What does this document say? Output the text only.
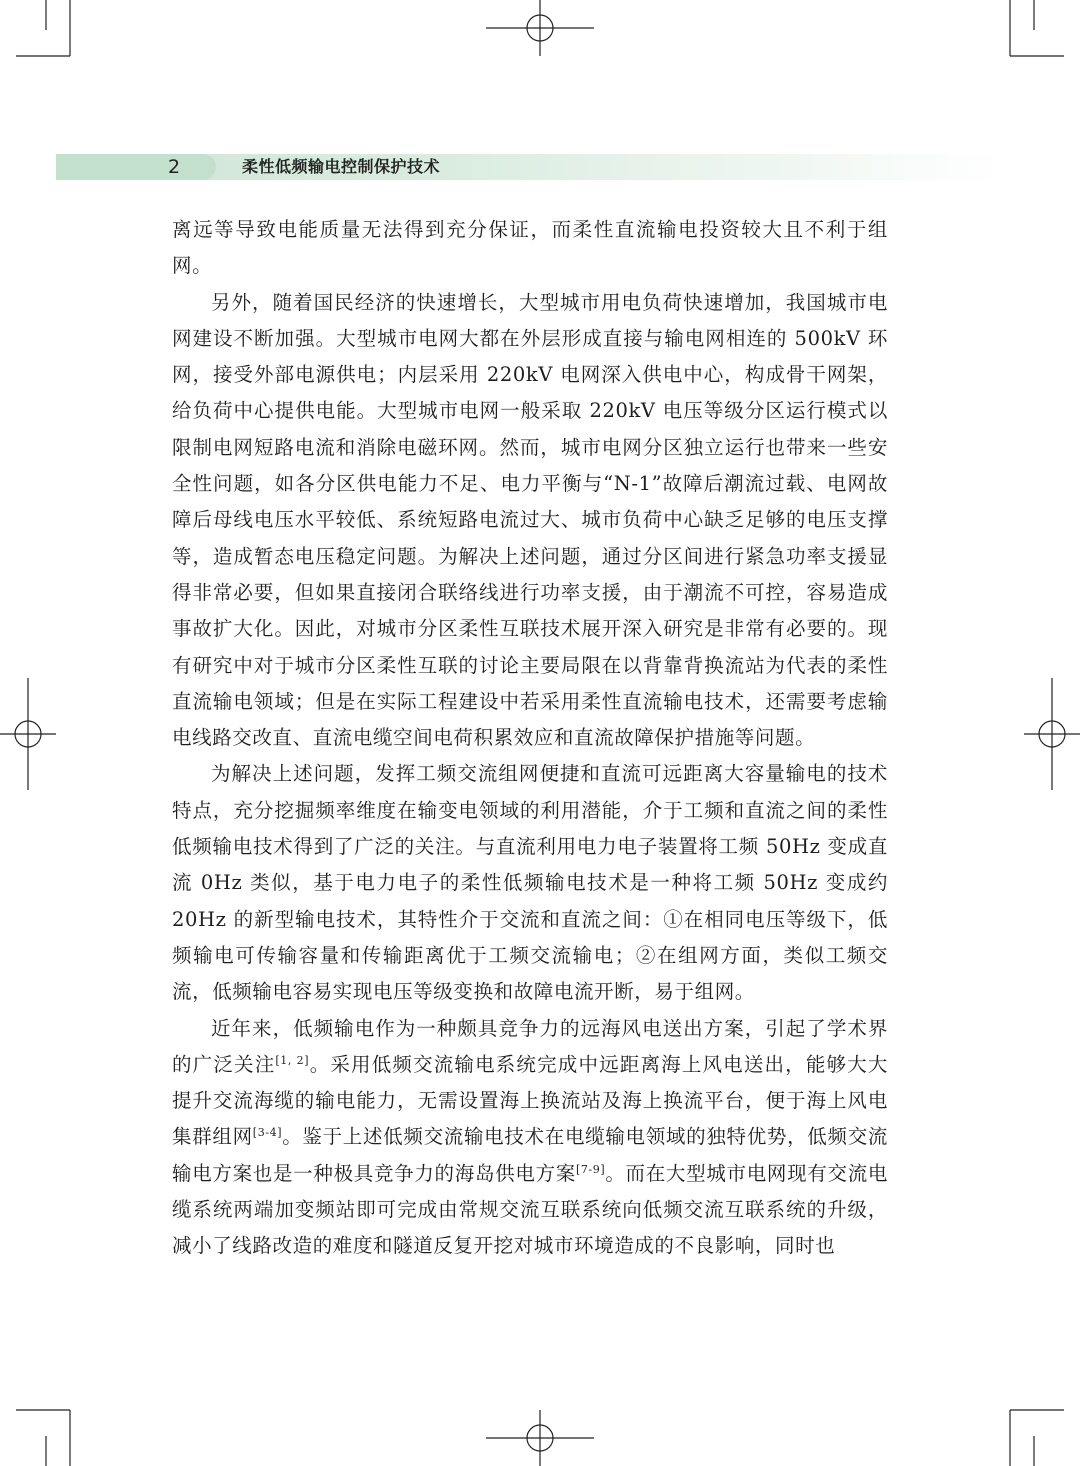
2	柔性低频输电控制保护技术

离远等导致电能质量无法得到充分保证，而柔性直流输电投资较大且不利于组网。

另外，随着国民经济的快速增长，大型城市用电负荷快速增加，我国城市电网建设不断加强。大型城市电网大都在外层形成直接与输电网相连的 500kV 环网，接受外部电源供电；内层采用 220kV 电网深入供电中心，构成骨干网架，给负荷中心提供电能。大型城市电网一般采取 220kV 电压等级分区运行模式以限制电网短路电流和消除电磁环网。然而，城市电网分区独立运行也带来一些安全性问题，如各分区供电能力不足、电力平衡与“N-1”故障后潮流过载、电网故障后母线电压水平较低、系统短路电流过大、城市负荷中心缺乏足够的电压支撑等，造成暂态电压稳定问题。为解决上述问题，通过分区间进行紧急功率支援显得非常必要，但如果直接闭合联络线进行功率支援，由于潮流不可控，容易造成事故扩大化。因此，对城市分区柔性互联技术展开深入研究是非常有必要的。现有研究中对于城市分区柔性互联的讨论主要局限在以背靠背换流站为代表的柔性直流输电领域；但是在实际工程建设中若采用柔性直流输电技术，还需要考虑输电线路交改直、直流电缆空间电荷积累效应和直流故障保护措施等问题。

为解决上述问题，发挥工频交流组网便捷和直流可远距离大容量输电的技术特点，充分挖掘频率维度在输变电领域的利用潜能，介于工频和直流之间的柔性低频输电技术得到了广泛的关注。与直流利用电力电子装置将工频 50Hz 变成直流 0Hz 类似，基于电力电子的柔性低频输电技术是一种将工频 50Hz 变成约 20Hz 的新型输电技术，其特性介于交流和直流之间：①在相同电压等级下，低频输电可传输容量和传输距离优于工频交流输电；②在组网方面，类似工频交流，低频输电容易实现电压等级变换和故障电流开断，易于组网。

近年来，低频输电作为一种颇具竞争力的远海风电送出方案，引起了学术界的广泛关注[1, 2]。采用低频交流输电系统完成中远距离海上风电送出，能够大大提升交流海缆的输电能力，无需设置海上换流站及海上换流平台，便于海上风电集群组网[3-4]。鉴于上述低频交流输电技术在电缆输电领域的独特优势，低频交流输电方案也是一种极具竞争力的海岛供电方案[7-9]。而在大型城市电网现有交流电缆系统两端加变频站即可完成由常规交流互联系统向低频交流互联系统的升级，减小了线路改造的难度和隧道反复开挖对城市环境造成的不良影响，同时也
